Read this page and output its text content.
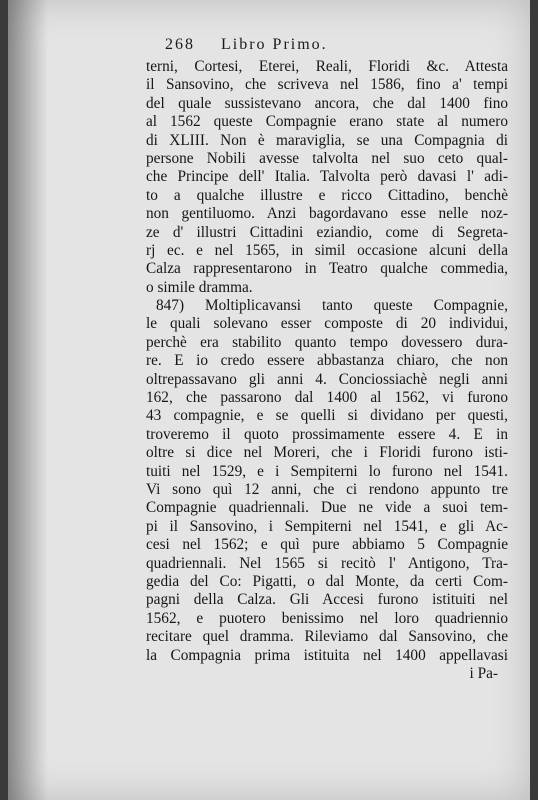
268 Libro Primo.
terni, Cortesi, Eterei, Reali, Floridi &c. Attesta
il Sansovino, che scriveva nel 1586, fino a' tempi
del quale sussistevano ancora, che dal 1400 fino
al 1562 queste Compagnie erano state al numero
di XLIII. Non è maraviglia, se una Compagnia di
persone Nobili avesse talvolta nel suo ceto qual-
che Principe dell' Italia. Talvolta però davasi l' adi-
to a qualche illustre e ricco Cittadino, benchè
non gentiluomo. Anzi bagordavano esse nelle noz-
ze d' illustri Cittadini eziandio, come di Segreta-
rj ec. e nel 1565, in simil occasione alcuni della
Calza rappresentarono in Teatro qualche commedia,
o simile dramma.
847) Moltiplicavansi tanto queste Compagnie,
le quali solevano esser composte di 20 individui,
perchè era stabilito quanto tempo dovessero dura-
re. E io credo essere abbastanza chiaro, che non
oltrepassavano gli anni 4. Conciossiachè negli anni
162, che passarono dal 1400 al 1562, vi furono
43 compagnie, e se quelli si dividano per questi,
troveremo il quoto prossimamente essere 4. E in
oltre si dice nel Moreri, che i Floridi furono isti-
tuiti nel 1529, e i Sempiterni lo furono nel 1541.
Vi sono quì 12 anni, che ci rendono appunto tre
Compagnie quadriennali. Due ne vide a suoi tem-
pi il Sansovino, i Sempiterni nel 1541, e gli Ac-
cesi nel 1562; e quì pure abbiamo 5 Compagnie
quadriennali. Nel 1565 si recitò l' Antigono, Tra-
gedia del Co: Pigatti, o dal Monte, da certi Com-
pagni della Calza. Gli Accesi furono istituiti nel
1562, e puotero benissimo nel loro quadriennio
recitare quel dramma. Rileviamo dal Sansovino, che
la Compagnia prima istituita nel 1400 appellavasi
i Pa-
